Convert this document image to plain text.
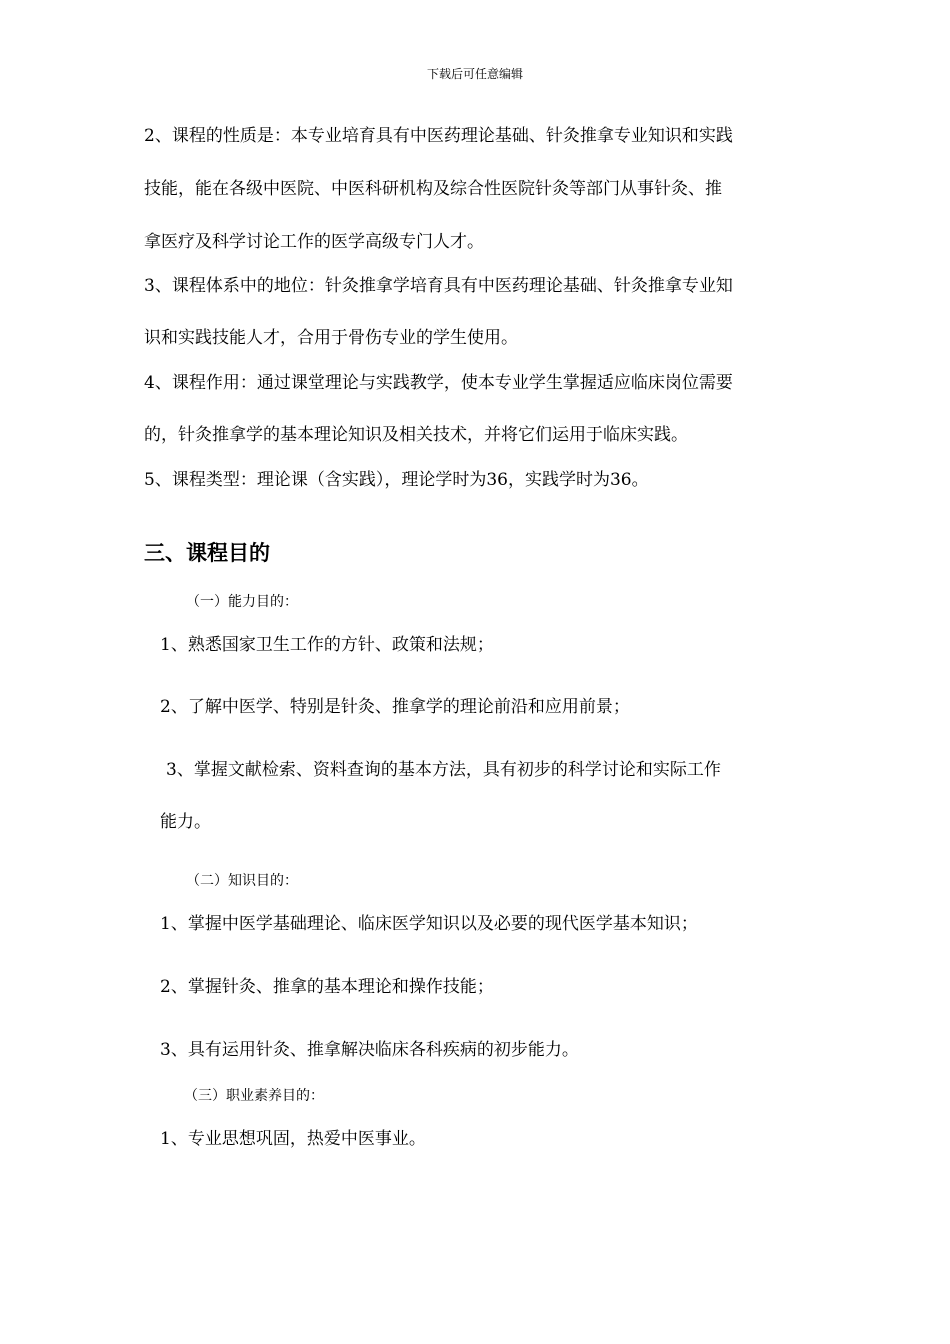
下载后可任意编辑
2、课程的性质是：本专业培育具有中医药理论基础、针灸推拿专业知识和实践
技能，能在各级中医院、中医科研机构及综合性医院针灸等部门从事针灸、推
拿医疗及科学讨论工作的医学高级专门人才。
3、课程体系中的地位：针灸推拿学培育具有中医药理论基础、针灸推拿专业知
识和实践技能人才，合用于骨伤专业的学生使用。
4、课程作用：通过课堂理论与实践教学，使本专业学生掌握适应临床岗位需要
的，针灸推拿学的基本理论知识及相关技术，并将它们运用于临床实践。
5、课程类型：理论课（含实践），理论学时为36，实践学时为36。
三、课程目的
（一）能力目的：
1、熟悉国家卫生工作的方针、政策和法规；
2、了解中医学、特别是针灸、推拿学的理论前沿和应用前景；
3、掌握文献检索、资料查询的基本方法，具有初步的科学讨论和实际工作
能力。
（二）知识目的：
1、掌握中医学基础理论、临床医学知识以及必要的现代医学基本知识；
2、掌握针灸、推拿的基本理论和操作技能；
3、具有运用针灸、推拿解决临床各科疾病的初步能力。
（三）职业素养目的：
1、专业思想巩固，热爱中医事业。
